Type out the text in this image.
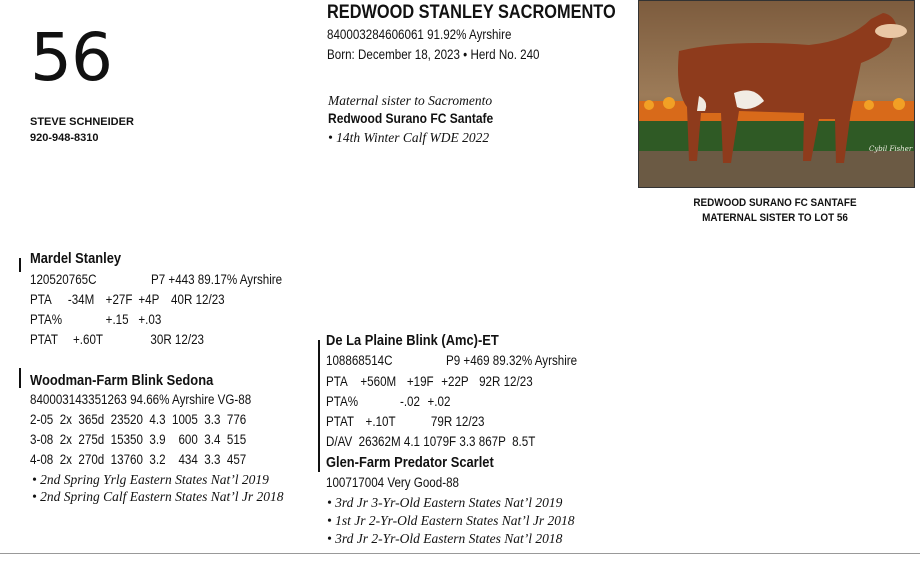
56
STEVE SCHNEIDER
920-948-8310
REDWOOD STANLEY SACROMENTO
840003284606061 91.92% Ayrshire
Born: December 18, 2023 • Herd No. 240
Maternal sister to Sacromento
Redwood Surano FC Santafe
• 14th Winter Calf WDE 2022
Cybil Fisher
REDWOOD SURANO FC SANTAFE
MATERNAL SISTER TO LOT 56
Mardel Stanley
120520765C	P7 +443 89.17% Ayrshire
PTA -34M +27F +4P 40R 12/23
PTA%	+.15 +.03
PTAT +.60T	30R 12/23
Woodman-Farm Blink Sedona
840003143351263 94.66% Ayrshire VG-88
2-05  2x  365d  23520  4.3  1005  3.3  776
3-08  2x  275d  15350  3.9    600  3.4  515
4-08  2x  270d  13760  3.2    434  3.3  457
• 2nd Spring Yrlg Eastern States Nat’l 2019
• 2nd Spring Calf Eastern States Nat’l Jr 2018
De La Plaine Blink (Amc)-ET
108868514C	P9 +469 89.32% Ayrshire
PTA +560M +19F +22P 92R 12/23
PTA%	-.02 +.02
PTAT +.10T	79R 12/23
D/AV  26362M 4.1 1079F 3.3 867P  8.5T
Glen-Farm Predator Scarlet
100717004 Very Good-88
• 3rd Jr 3-Yr-Old Eastern States Nat’l 2019
• 1st Jr 2-Yr-Old Eastern States Nat’l Jr 2018
• 3rd Jr 2-Yr-Old Eastern States Nat’l 2018
